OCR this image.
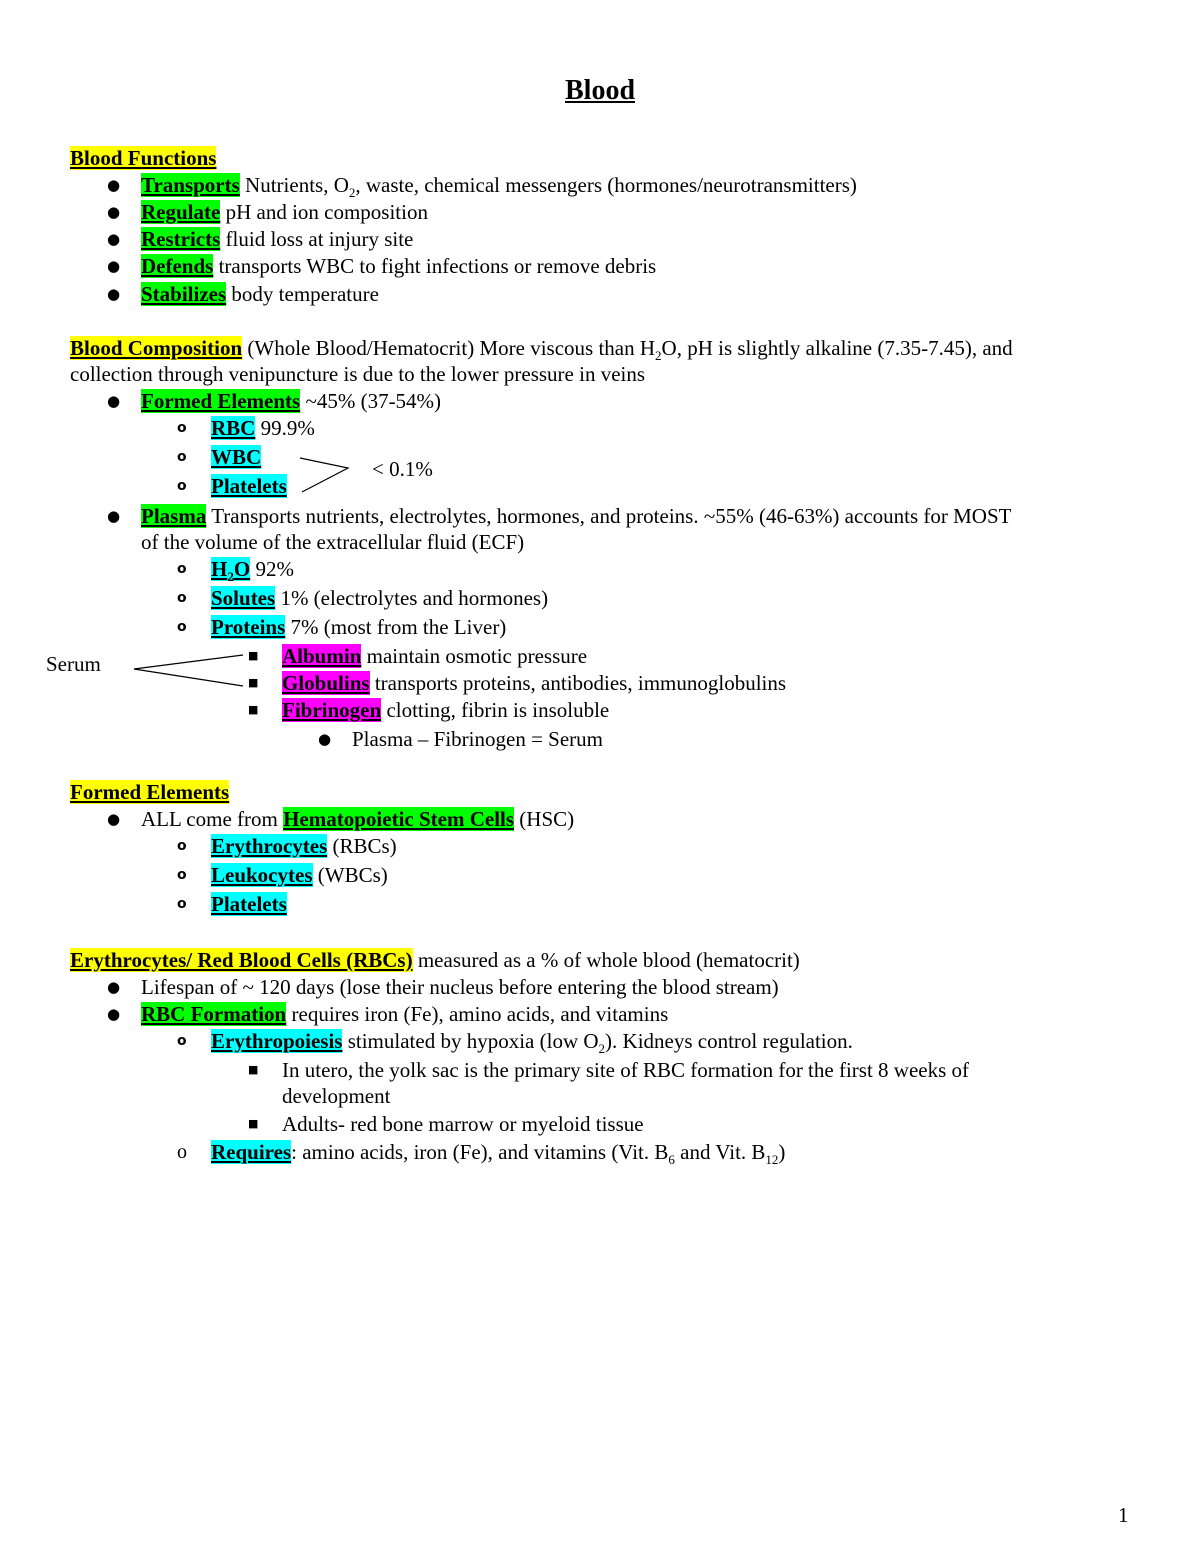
Blood
Blood Functions
● Transports Nutrients, $O_2$, waste, chemical messengers (hormones/neurotransmitters)
● Regulate pH and ion composition
● Restricts fluid loss at injury site
● Defends transports WBC to fight infections or remove debris
● Stabilizes body temperature
Blood Composition (Whole Blood/Hematocrit) More viscous than $H_2O$, pH is slightly alkaline (7.35-7.45), and
collection through venipuncture is due to the lower pressure in veins
● Formed Elements ~45% (37-54%)
o RBC 99.9%
o WBC
o Platelets
< 0.1%
● Plasma Transports nutrients, electrolytes, hormones, and proteins. ~55% (46-63%) accounts for MOST
of the volume of the extracellular fluid (ECF)
o $H_2O$ 92%
o Solutes 1% (electrolytes and hormones)
o Proteins 7% (most from the Liver)
Serum	■ Albumin maintain osmotic pressure
■ Globulins transports proteins, antibodies, immunoglobulins
■ Fibrinogen clotting, fibrin is insoluble
● Plasma – Fibrinogen = Serum
Formed Elements
● ALL come from Hematopoietic Stem Cells (HSC)
o Erythrocytes (RBCs)
o Leukocytes (WBCs)
o Platelets
Erythrocytes/ Red Blood Cells (RBCs) measured as a % of whole blood (hematocrit)
● Lifespan of ~ 120 days (lose their nucleus before entering the blood stream)
● RBC Formation requires iron (Fe), amino acids, and vitamins
o Erythropoiesis stimulated by hypoxia (low $O_2$). Kidneys control regulation.
■ In utero, the yolk sac is the primary site of RBC formation for the first 8 weeks of
development
■ Adults- red bone marrow or myeloid tissue
o Requires: amino acids, iron (Fe), and vitamins (Vit. $B_6$ and Vit. $B_{12}$)
1
